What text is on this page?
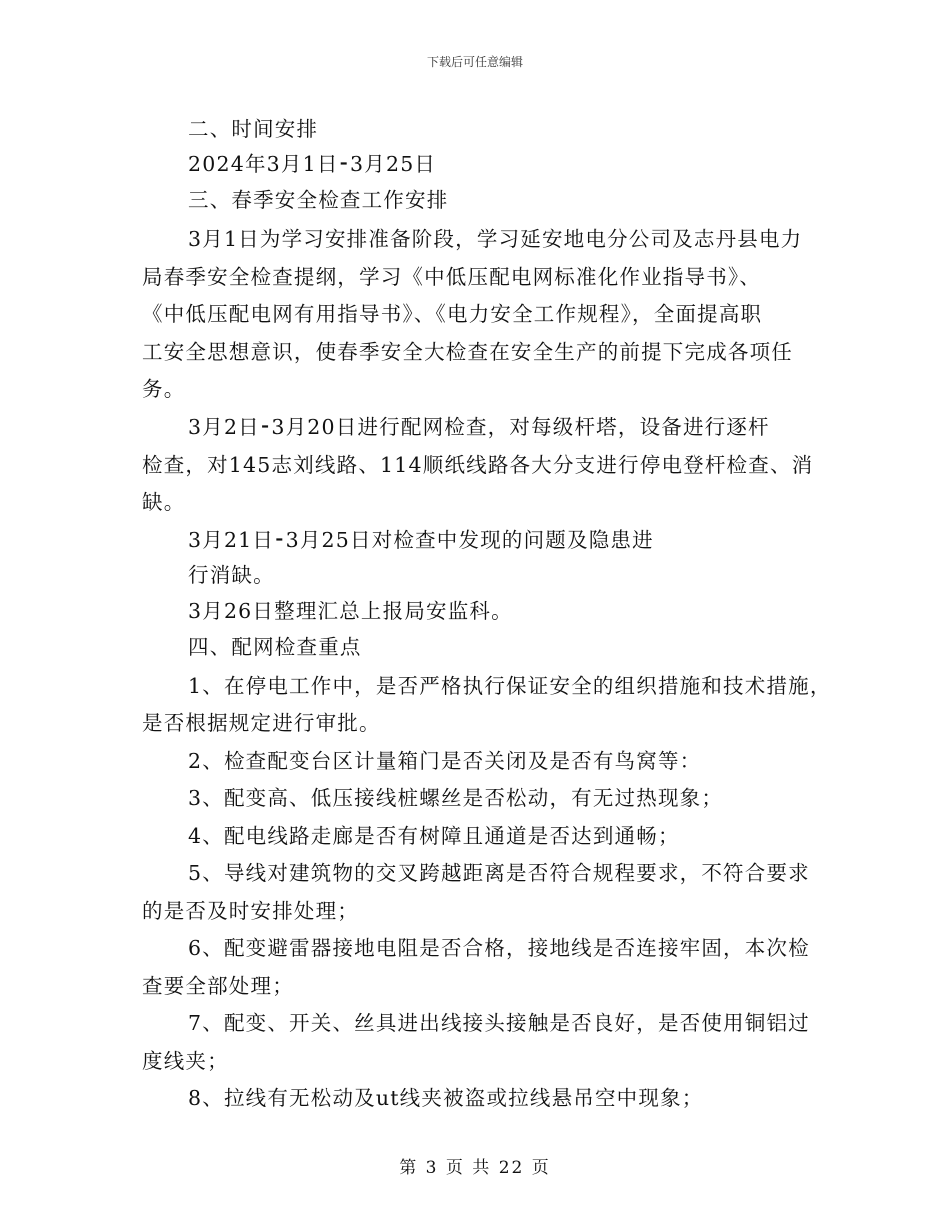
下载后可任意编辑
二、时间安排
2024年3月1日⁃3月25日
三、春季安全检查工作安排
3月1日为学习安排准备阶段，学习延安地电分公司及志丹县电力
局春季安全检查提纲，学习《中低压配电网标准化作业指导书》、
《中低压配电网有用指导书》、《电力安全工作规程》，全面提高职
工安全思想意识，使春季安全大检查在安全生产的前提下完成各项任
务。
3月2日⁃3月20日进行配网检查，对每级杆塔，设备进行逐杆
检查，对145志刘线路、114顺纸线路各大分支进行停电登杆检查、消
缺。
3月21日⁃3月25日对检查中发现的问题及隐患进
行消缺。
3月26日整理汇总上报局安监科。
四、配网检查重点
1、在停电工作中，是否严格执行保证安全的组织措施和技术措施，
是否根据规定进行审批。
2、检查配变台区计量箱门是否关闭及是否有鸟窝等：
3、配变高、低压接线桩螺丝是否松动，有无过热现象；
4、配电线路走廊是否有树障且通道是否达到通畅；
5、导线对建筑物的交叉跨越距离是否符合规程要求，不符合要求
的是否及时安排处理；
6、配变避雷器接地电阻是否合格，接地线是否连接牢固，本次检
查要全部处理；
7、配变、开关、丝具进出线接头接触是否良好，是否使用铜铝过
度线夹；
8、拉线有无松动及ut线夹被盗或拉线悬吊空中现象；
第 3 页 共 22 页
